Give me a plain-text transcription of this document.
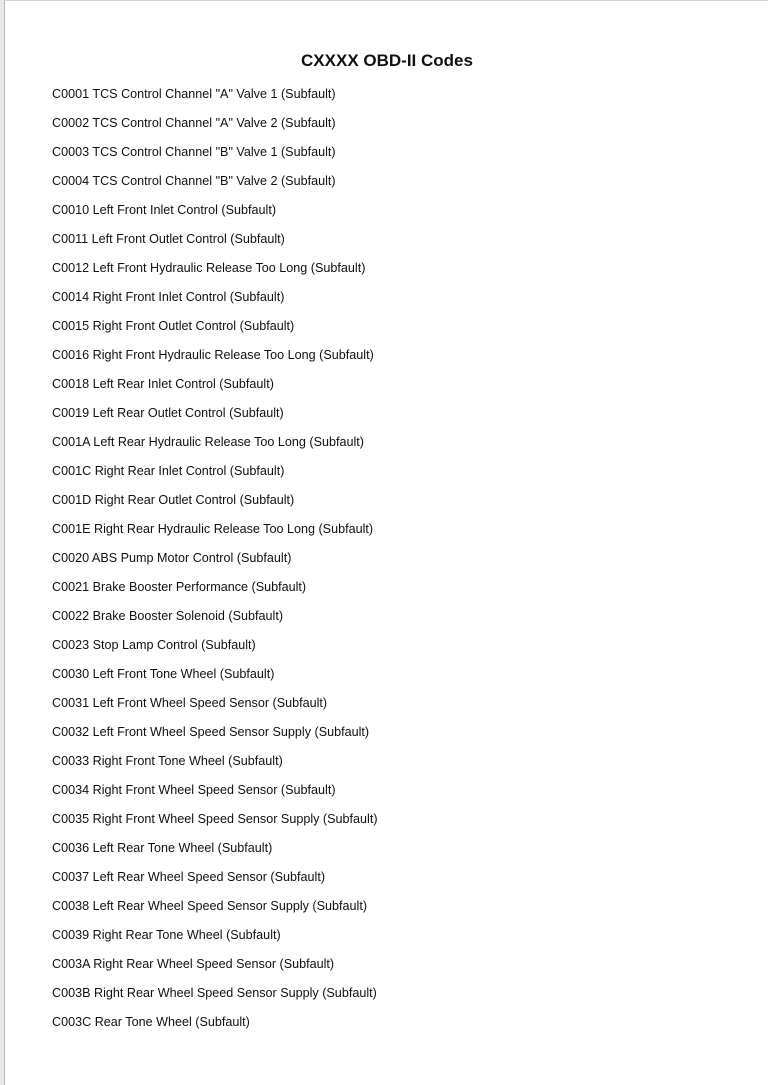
CXXXX OBD-II Codes
C0001 TCS Control Channel "A" Valve 1 (Subfault)
C0002 TCS Control Channel "A" Valve 2 (Subfault)
C0003 TCS Control Channel "B" Valve 1 (Subfault)
C0004 TCS Control Channel "B" Valve 2 (Subfault)
C0010 Left Front Inlet Control (Subfault)
C0011 Left Front Outlet Control (Subfault)
C0012 Left Front Hydraulic Release Too Long (Subfault)
C0014 Right Front Inlet Control (Subfault)
C0015 Right Front Outlet Control (Subfault)
C0016 Right Front Hydraulic Release Too Long (Subfault)
C0018 Left Rear Inlet Control (Subfault)
C0019 Left Rear Outlet Control (Subfault)
C001A Left Rear Hydraulic Release Too Long (Subfault)
C001C Right Rear Inlet Control (Subfault)
C001D Right Rear Outlet Control (Subfault)
C001E Right Rear Hydraulic Release Too Long (Subfault)
C0020 ABS Pump Motor Control (Subfault)
C0021 Brake Booster Performance (Subfault)
C0022 Brake Booster Solenoid (Subfault)
C0023 Stop Lamp Control (Subfault)
C0030 Left Front Tone Wheel (Subfault)
C0031 Left Front Wheel Speed Sensor (Subfault)
C0032 Left Front Wheel Speed Sensor Supply (Subfault)
C0033 Right Front Tone Wheel (Subfault)
C0034 Right Front Wheel Speed Sensor (Subfault)
C0035 Right Front Wheel Speed Sensor Supply (Subfault)
C0036 Left Rear Tone Wheel (Subfault)
C0037 Left Rear Wheel Speed Sensor (Subfault)
C0038 Left Rear Wheel Speed Sensor Supply (Subfault)
C0039 Right Rear Tone Wheel (Subfault)
C003A Right Rear Wheel Speed Sensor (Subfault)
C003B Right Rear Wheel Speed Sensor Supply (Subfault)
C003C Rear Tone Wheel (Subfault)
